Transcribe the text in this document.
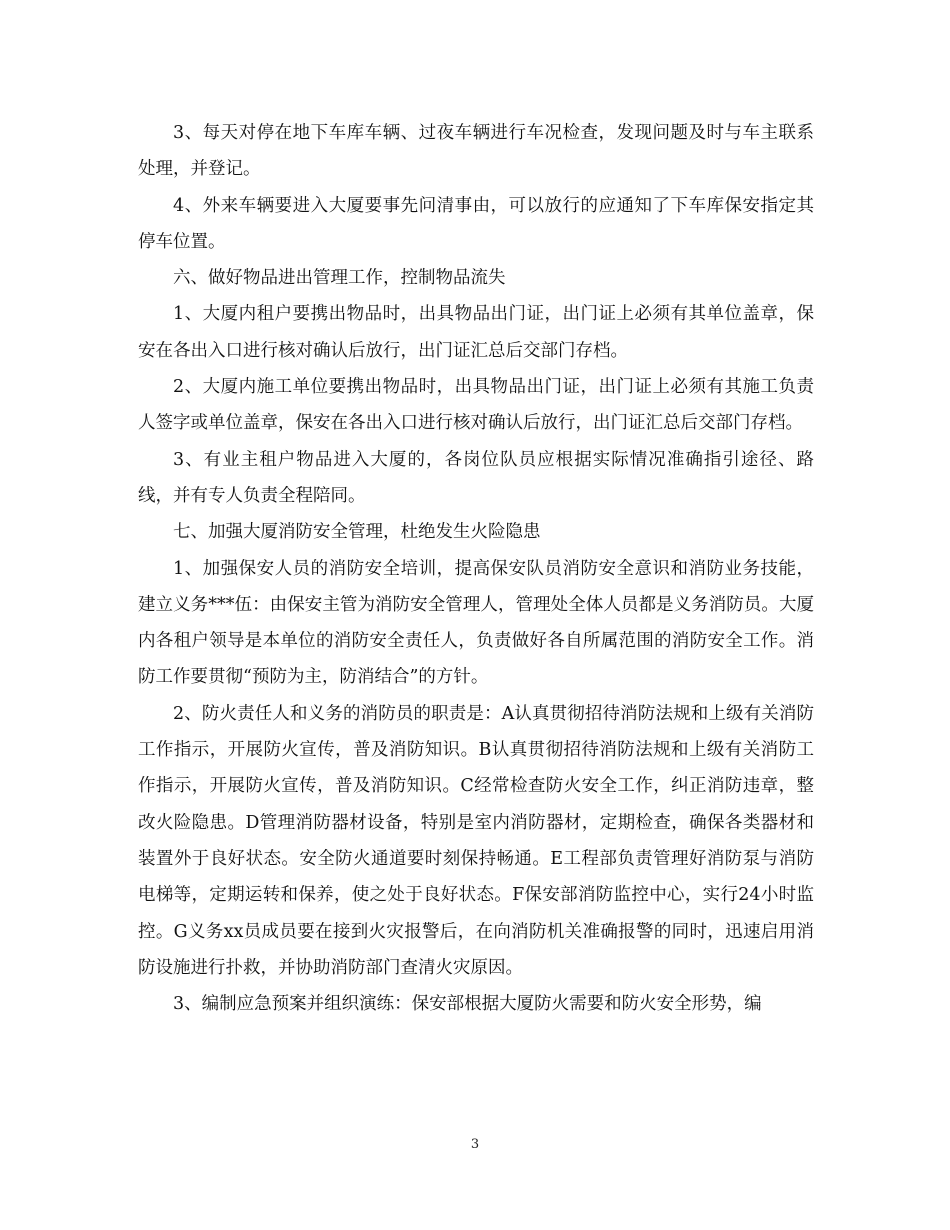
3、每天对停在地下车库车辆、过夜车辆进行车况检查，发现问题及时与车主联系处理，并登记。

4、外来车辆要进入大厦要事先问清事由，可以放行的应通知了下车库保安指定其停车位置。

六、做好物品进出管理工作，控制物品流失

1、大厦内租户要携出物品时，出具物品出门证，出门证上必须有其单位盖章，保安在各出入口进行核对确认后放行，出门证汇总后交部门存档。

2、大厦内施工单位要携出物品时，出具物品出门证，出门证上必须有其施工负责人签字或单位盖章，保安在各出入口进行核对确认后放行，出门证汇总后交部门存档。

3、有业主租户物品进入大厦的，各岗位队员应根据实际情况准确指引途径、路线，并有专人负责全程陪同。

七、加强大厦消防安全管理，杜绝发生火险隐患

1、加强保安人员的消防安全培训，提高保安队员消防安全意识和消防业务技能，建立义务***伍：由保安主管为消防安全管理人，管理处全体人员都是义务消防员。大厦内各租户领导是本单位的消防安全责任人，负责做好各自所属范围的消防安全工作。消防工作要贯彻“预防为主，防消结合”的方针。

2、防火责任人和义务的消防员的职责是：A认真贯彻招待消防法规和上级有关消防工作指示，开展防火宣传，普及消防知识。B认真贯彻招待消防法规和上级有关消防工作指示，开展防火宣传，普及消防知识。C经常检查防火安全工作，纠正消防违章，整改火险隐患。D管理消防器材设备，特别是室内消防器材，定期检查，确保各类器材和装置外于良好状态。安全防火通道要时刻保持畅通。E工程部负责管理好消防泵与消防电梯等，定期运转和保养，使之处于良好状态。F保安部消防监控中心，实行24小时监控。G义务xx员成员要在接到火灾报警后，在向消防机关准确报警的同时，迅速启用消防设施进行扑救，并协助消防部门查清火灾原因。

3、编制应急预案并组织演练：保安部根据大厦防火需要和防火安全形势，编

3
